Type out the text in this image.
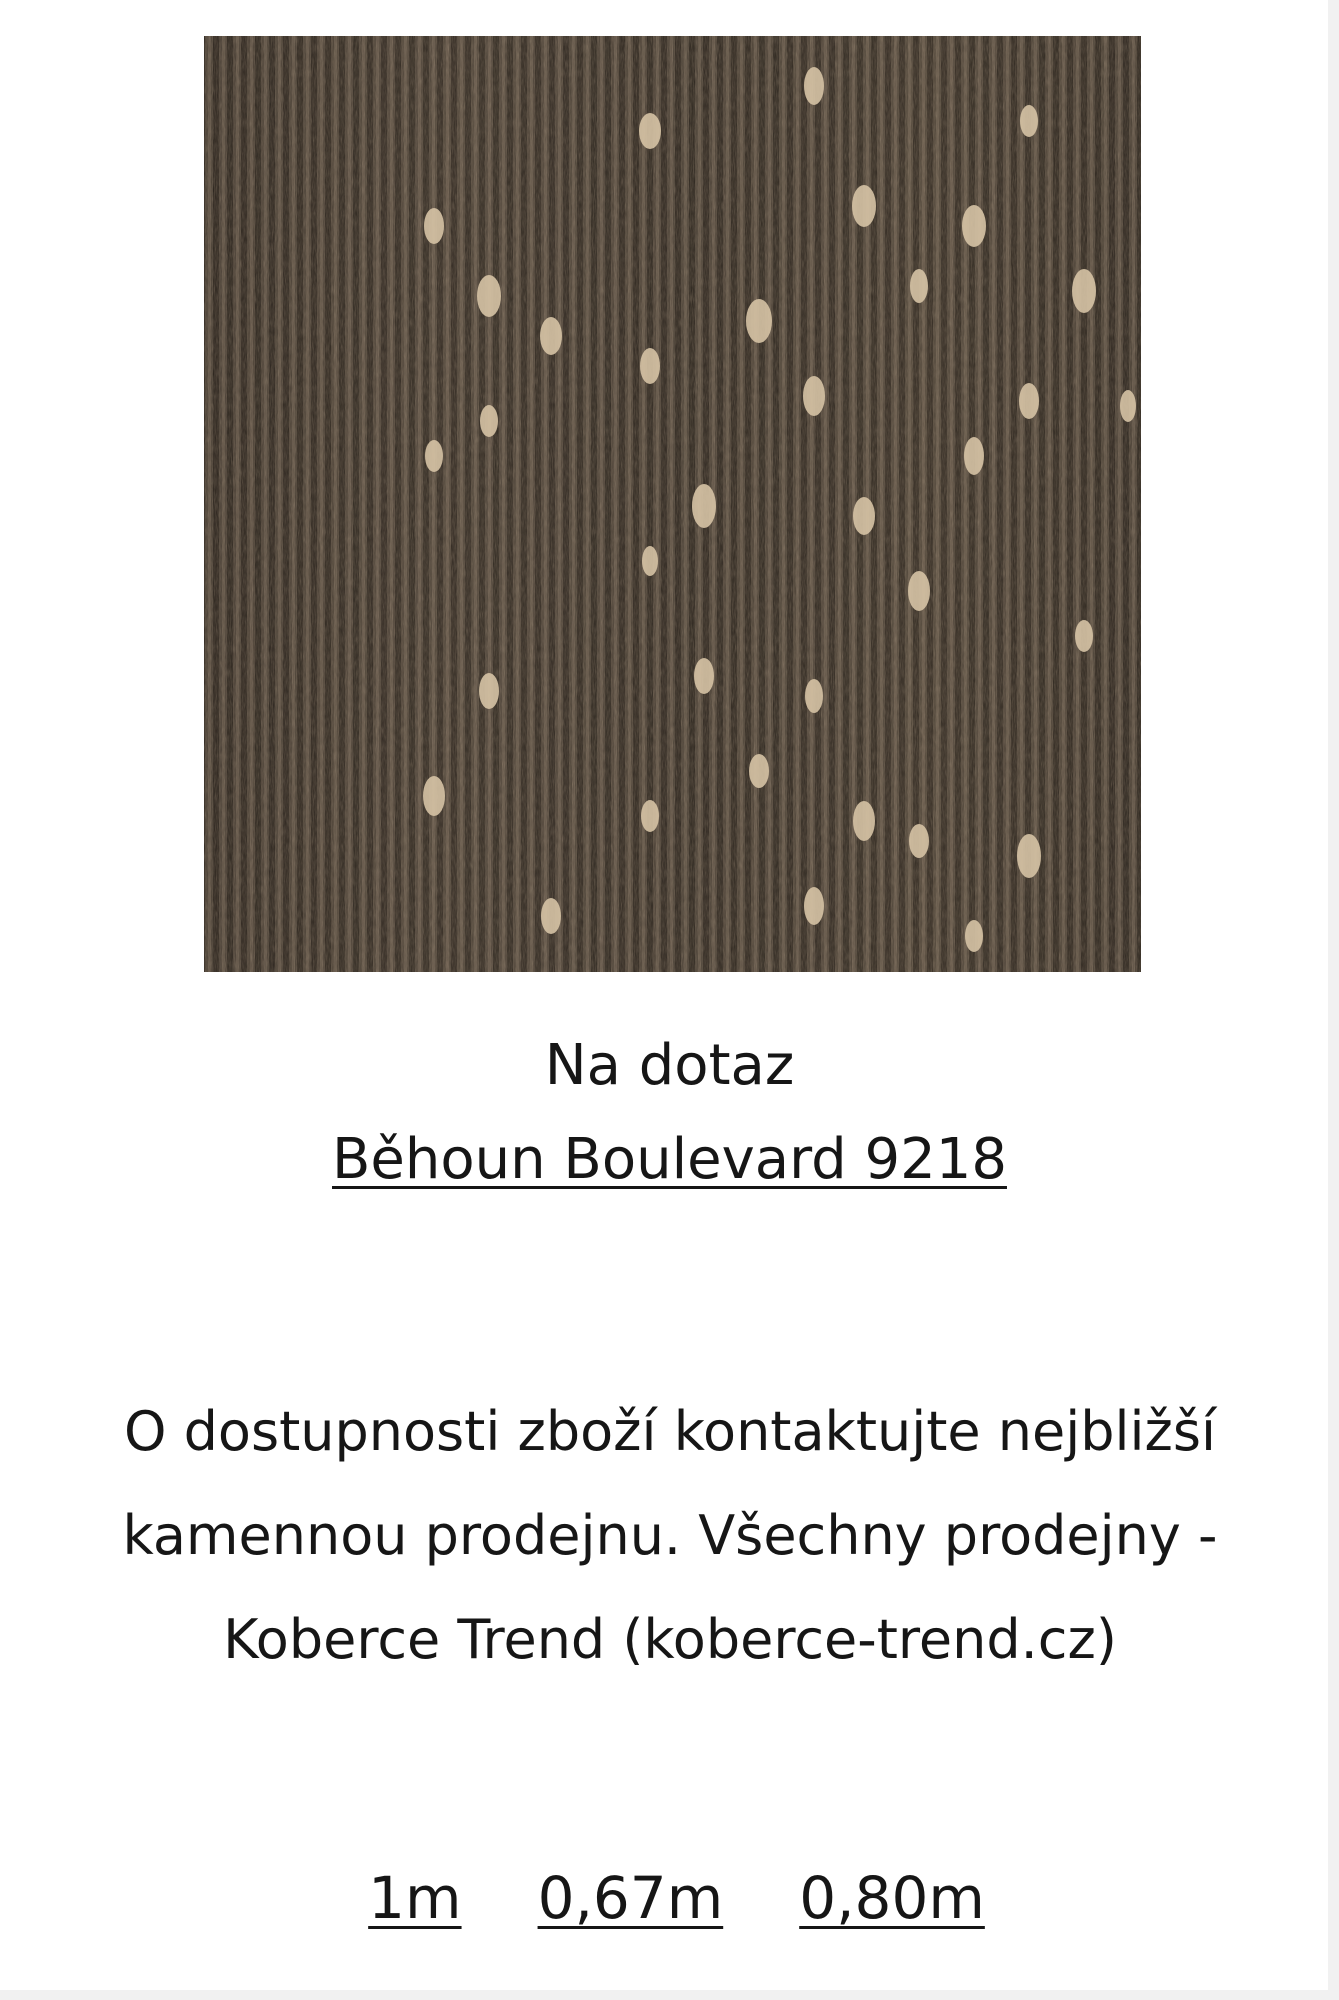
Na dotaz
Běhoun Boulevard 9218
O dostupnosti zboží kontaktujte nejbližší kamennou prodejnu. Všechny prodejny - Koberce Trend (koberce-trend.cz)
1m 0,67m 0,80m
